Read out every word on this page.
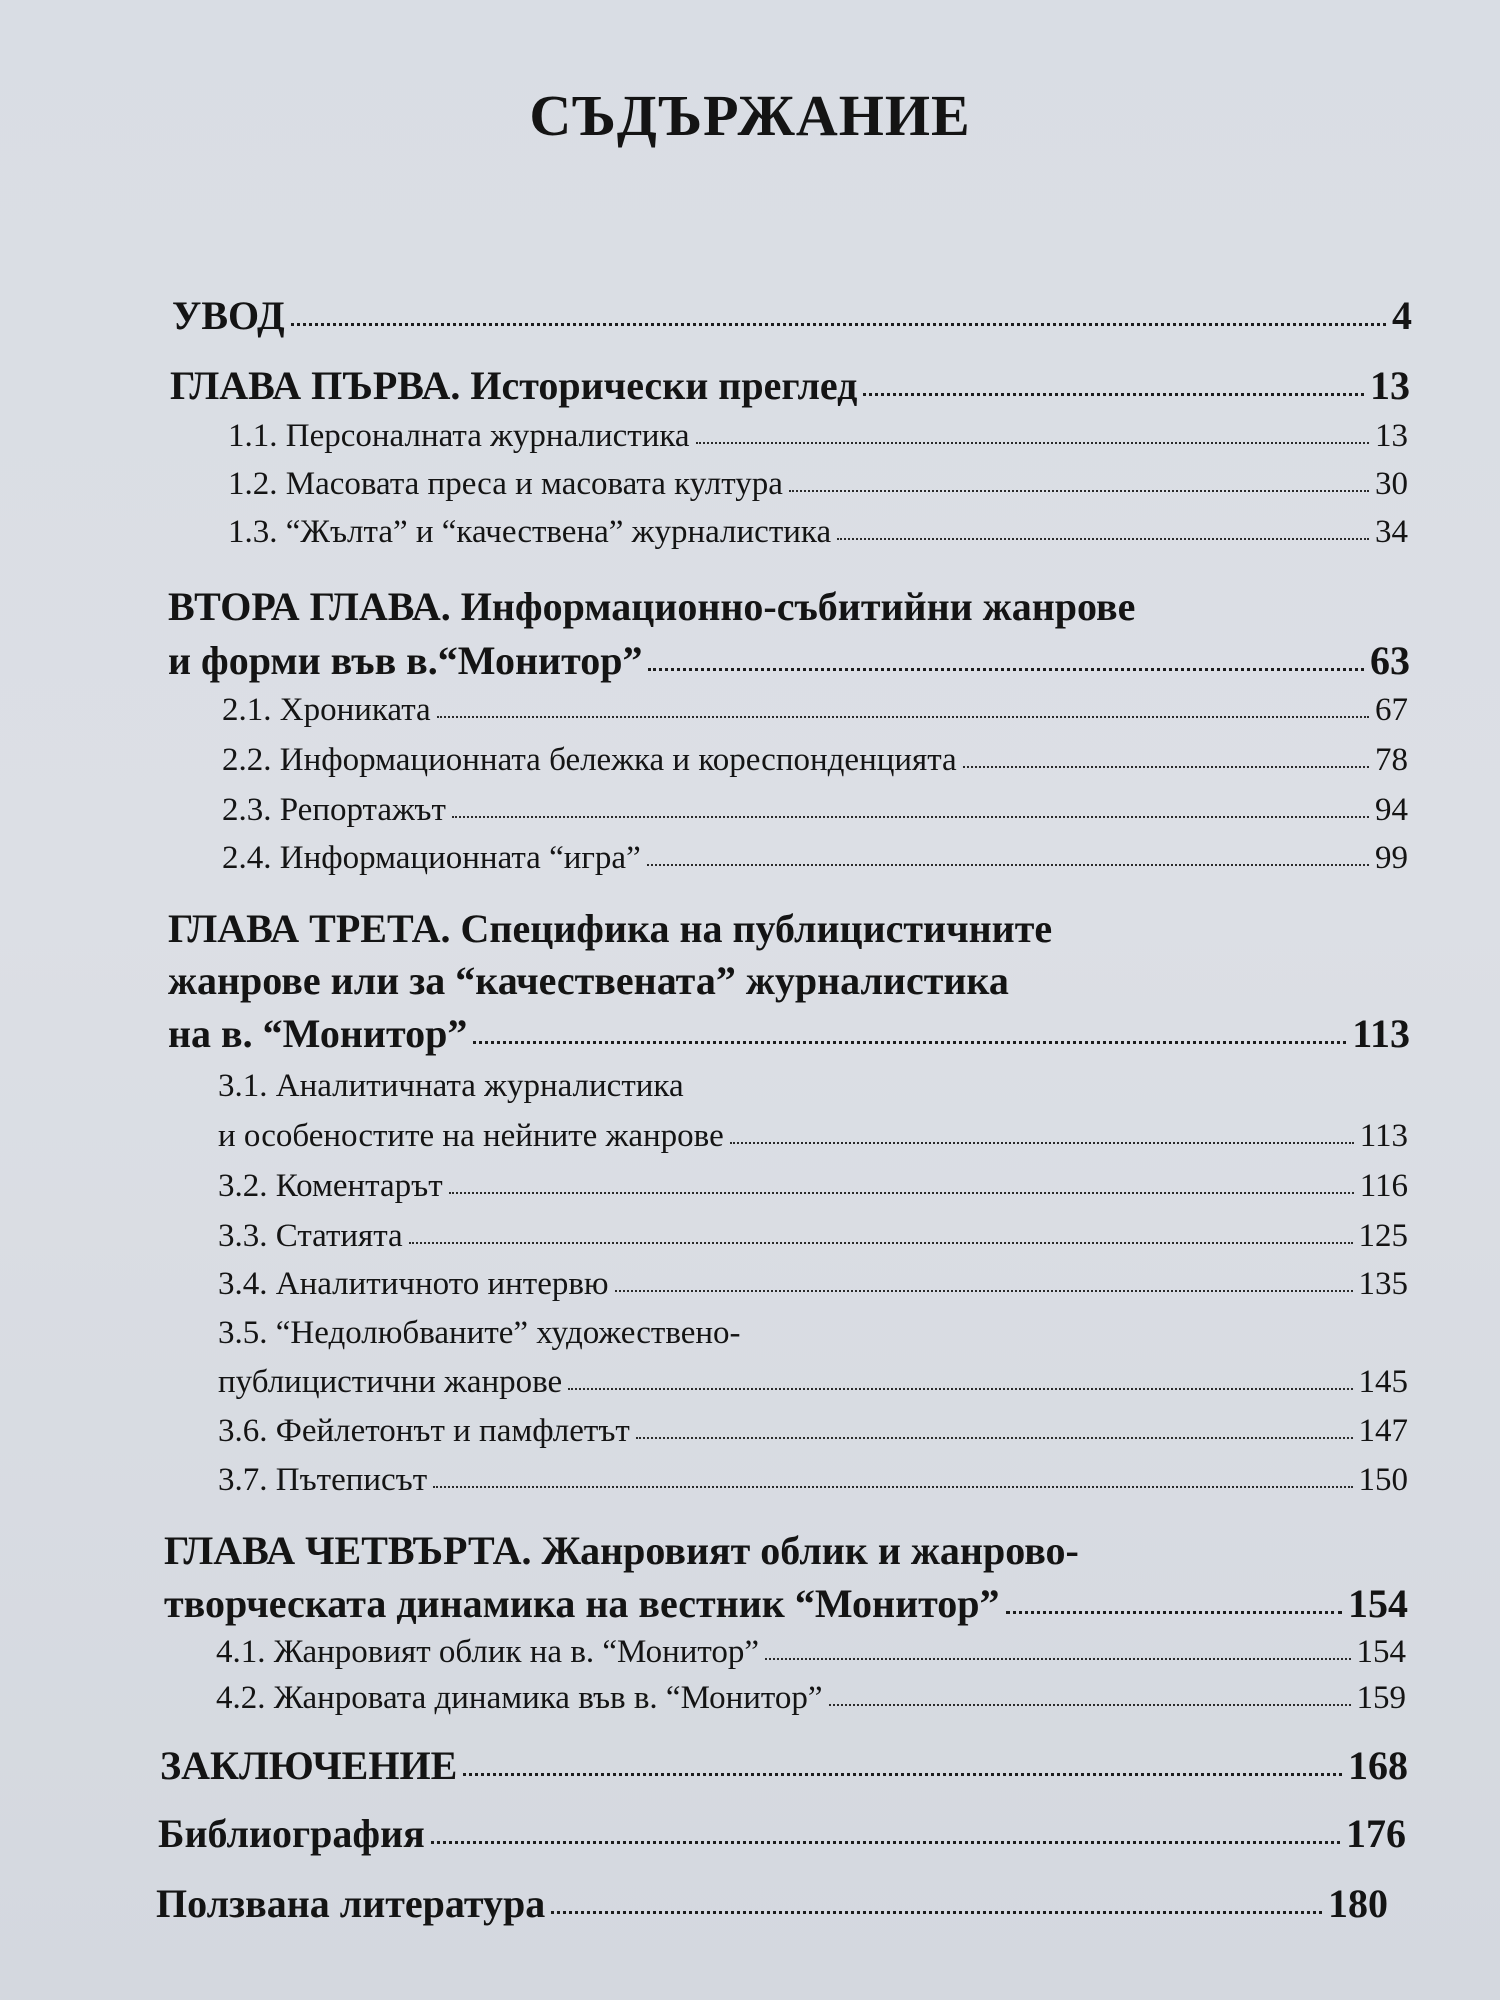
СЪДЪРЖАНИЕ
УВОД	4
ГЛАВА ПЪРВА. Исторически преглед	13
1.1. Персоналната журналистика	13
1.2. Масовата преса и масовата култура	30
1.3. “Жълта” и “качествена” журналистика	34
ВТОРА ГЛАВА. Информационно-събитийни жанрове
и форми във в.“Монитор”	63
2.1. Хрониката	67
2.2. Информационната бележка и кореспонденцията	78
2.3. Репортажът	94
2.4. Информационната “игра”	99
ГЛАВА ТРЕТА. Специфика на публицистичните
жанрове или за “качествената” журналистика
на в. “Монитор”	113
3.1. Аналитичната журналистика
и особеностите на нейните жанрове	113
3.2. Коментарът	116
3.3. Статията	125
3.4. Аналитичното интервю	135
3.5. “Недолюбваните” художествено-
публицистични жанрове	145
3.6. Фейлетонът и памфлетът	147
3.7. Пътеписът	150
ГЛАВА ЧЕТВЪРТА. Жанровият облик и жанрово-
творческата динамика на вестник “Монитор”	154
4.1. Жанровият облик на в. “Монитор”	154
4.2. Жанровата динамика във в. “Монитор”	159
ЗАКЛЮЧЕНИЕ	168
Библиография	176
Ползвана литература	180
